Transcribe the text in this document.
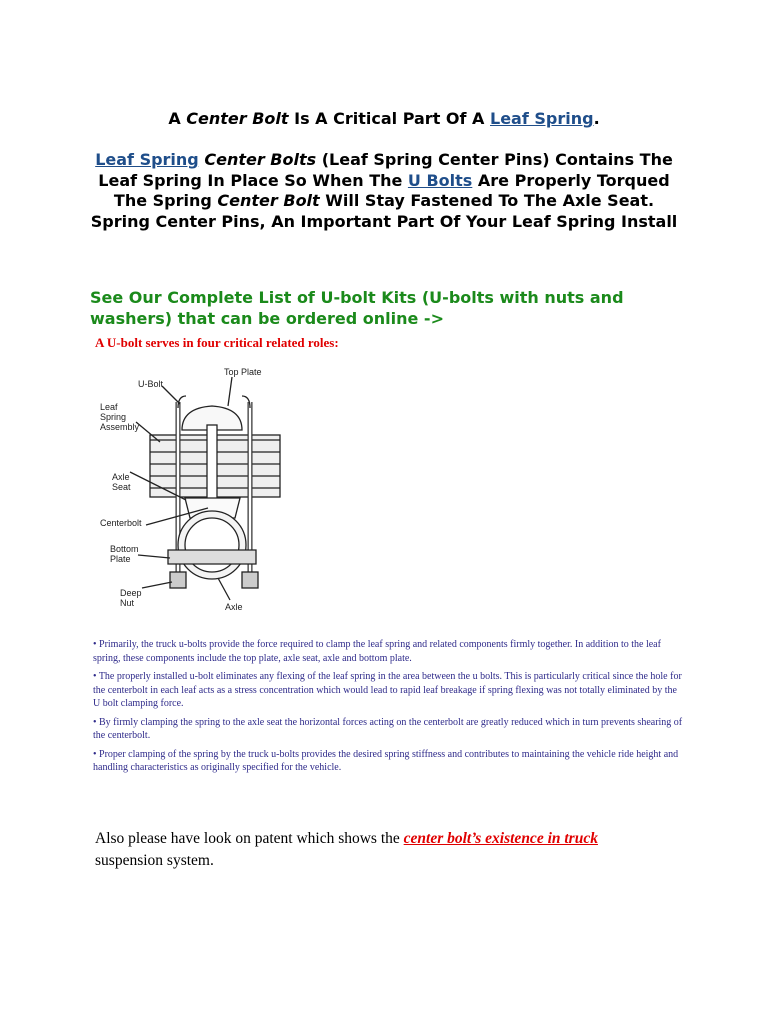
A Center Bolt Is A Critical Part Of A Leaf Spring.
Leaf Spring Center Bolts (Leaf Spring Center Pins) Contains The Leaf Spring In Place So When The U Bolts Are Properly Torqued The Spring Center Bolt Will Stay Fastened To The Axle Seat.
Spring Center Pins, An Important Part Of Your Leaf Spring Install
See Our Complete List of U-bolt Kits (U-bolts with nuts and washers) that can be ordered online ->
A U-bolt serves in four critical related roles:
Top Plate
U-Bolt
Leaf
Spring
Assembly
Axle
Seat
Centerbolt
Bottom
Plate
Deep
Nut	Axle

• Primarily, the truck u-bolts provide the force required to clamp the leaf spring and related components firmly together. In addition to the leaf spring, these components include the top plate, axle seat, axle and bottom plate.

• The properly installed u-bolt eliminates any flexing of the leaf spring in the area between the u bolts. This is particularly critical since the hole for the centerbolt in each leaf acts as a stress concentration which would lead to rapid leaf breakage if spring flexing was not totally eliminated by the U bolt clamping force.

• By firmly clamping the spring to the axle seat the horizontal forces acting on the centerbolt are greatly reduced which in turn prevents shearing of the centerbolt.

• Proper clamping of the spring by the truck u-bolts provides the desired spring stiffness and contributes to maintaining the vehicle ride height and handling characteristics as originally specified for the vehicle.

Also please have look on patent which shows the center bolt’s existence in truck
suspension system.
